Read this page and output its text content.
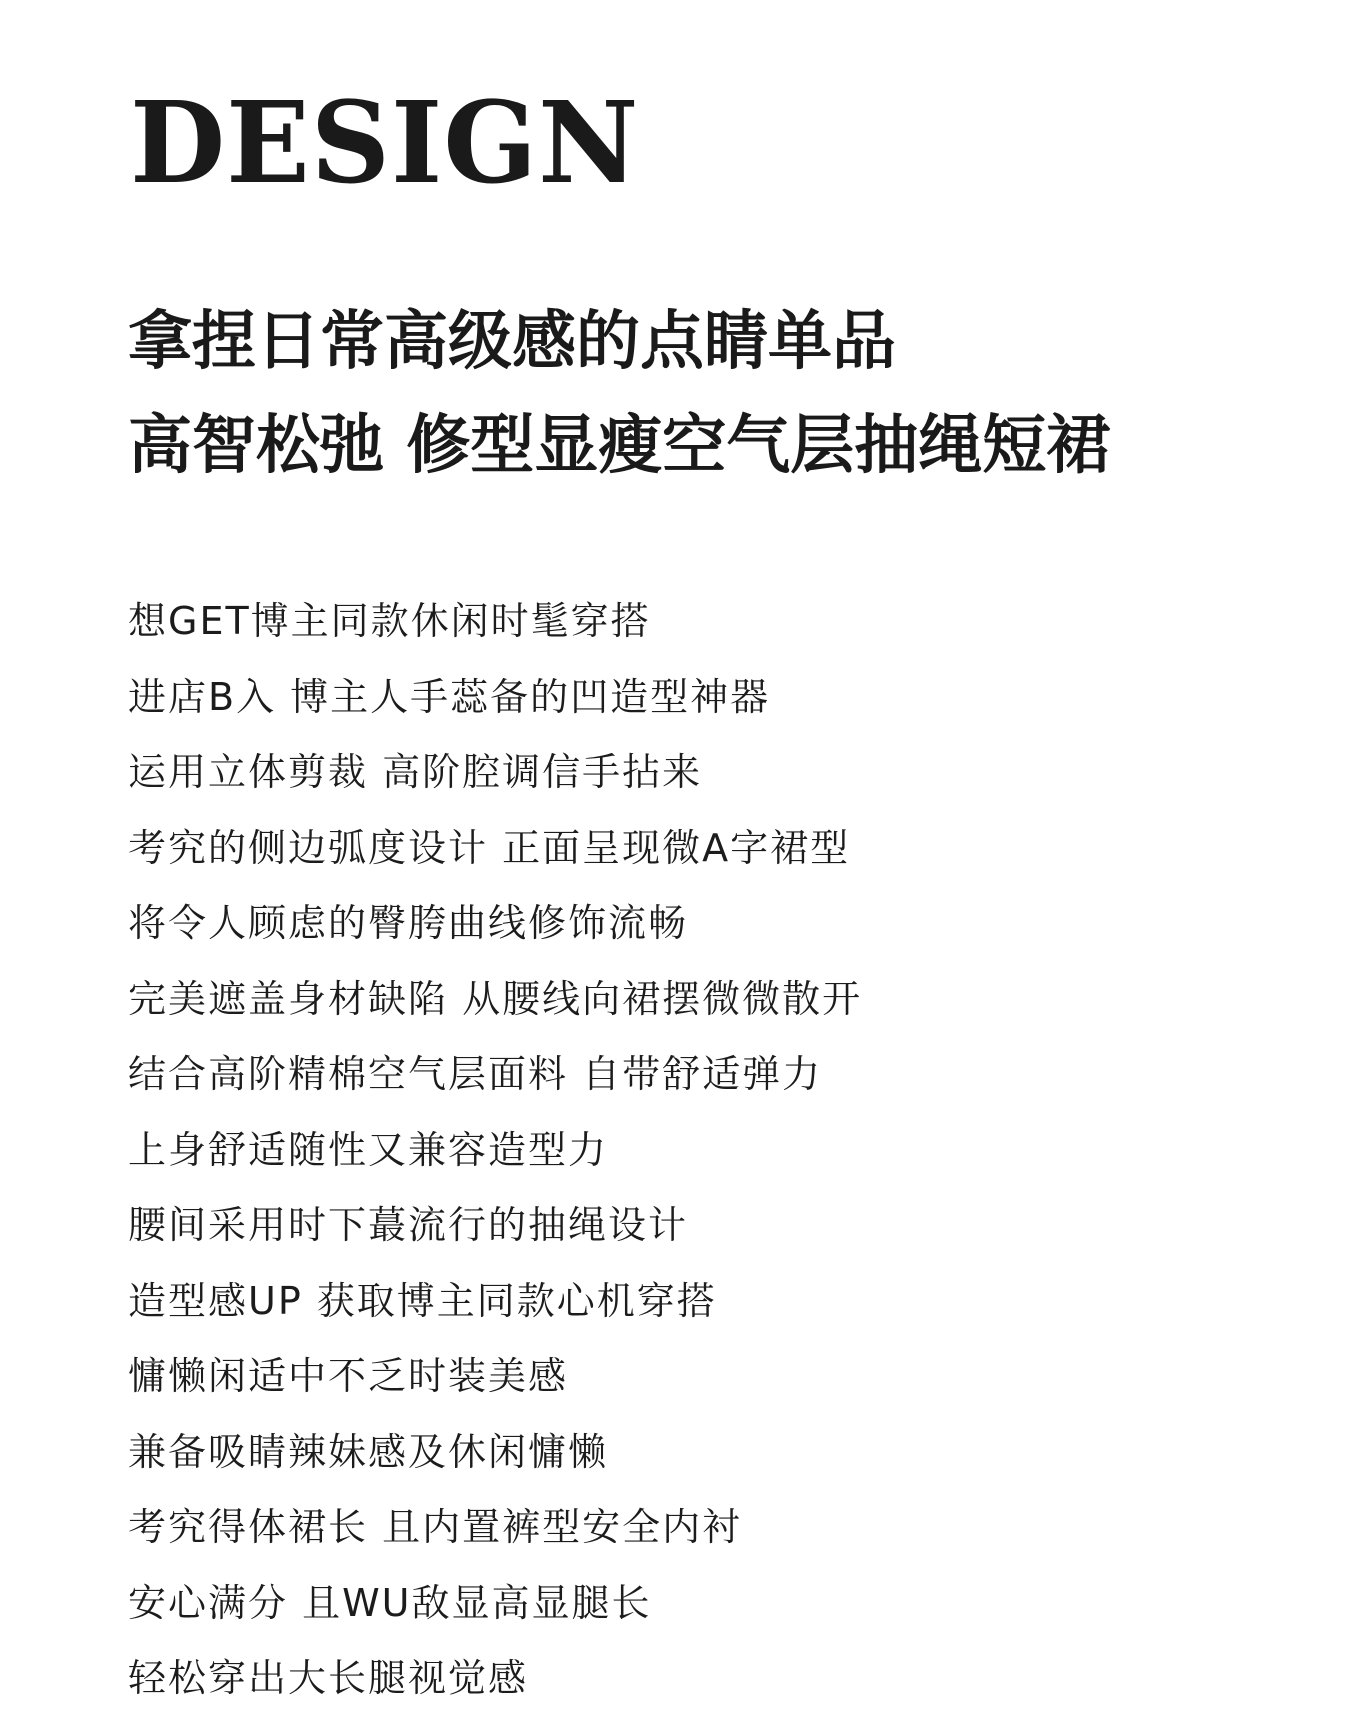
DESIGN
拿捏日常高级感的点睛单品
高智松弛 修型显瘦空气层抽绳短裙
想GET博主同款休闲时髦穿搭
进店B入 博主人手蕊备的凹造型神器
运用立体剪裁 高阶腔调信手拈来
考究的侧边弧度设计 正面呈现微A字裙型
将令人顾虑的臀胯曲线修饰流畅
完美遮盖身材缺陷 从腰线向裙摆微微散开
结合高阶精棉空气层面料 自带舒适弹力
上身舒适随性又兼容造型力
腰间采用时下蕞流行的抽绳设计
造型感UP 获取博主同款心机穿搭
慵懒闲适中不乏时装美感
兼备吸睛辣妹感及休闲慵懒
考究得体裙长 且内置裤型安全内衬
安心满分 且WU敌显高显腿长
轻松穿出大长腿视觉感
